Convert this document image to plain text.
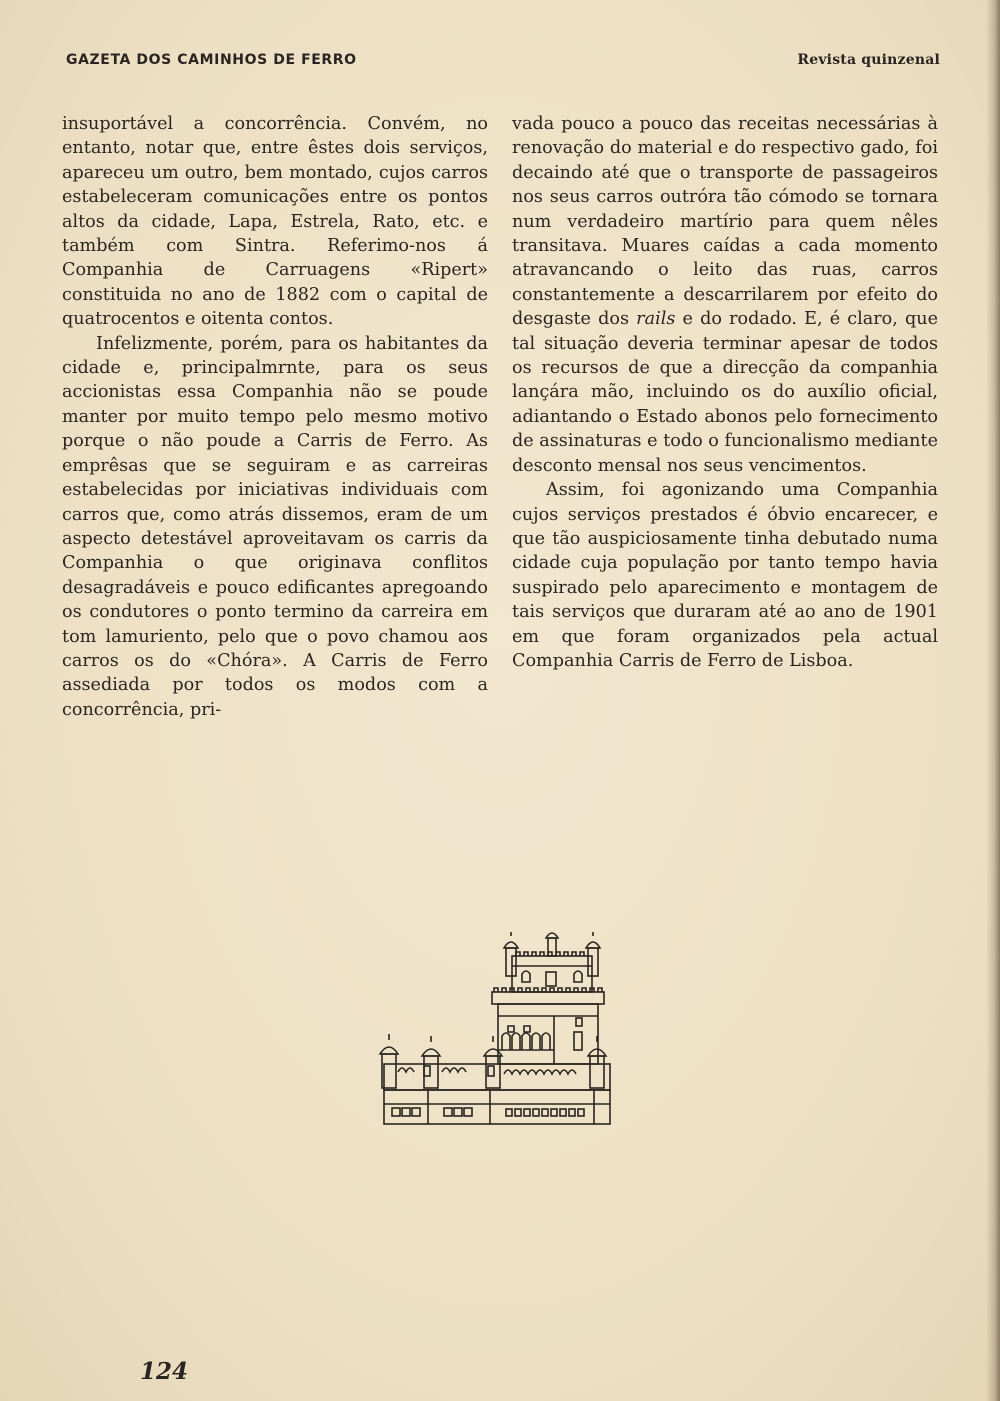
GAZETA DOS CAMINHOS DE FERRO	Revista quinzenal

insuportável a concorrência. Convém, no entanto, notar que, entre êstes dois serviços, apareceu um outro, bem montado, cujos carros estabeleceram comunicações entre os pontos altos da cidade, Lapa, Estrela, Rato, etc. e também com Sintra. Referimo-nos á Companhia de Carruagens «Ripert» constituida no ano de 1882 com o capital de quatrocentos e oitenta contos.

Infelizmente, porém, para os habitantes da cidade e, principalmrnte, para os seus accionistas essa Companhia não se poude manter por muito tempo pelo mesmo motivo porque o não poude a Carris de Ferro. As emprêsas que se seguiram e as carreiras estabelecidas por iniciativas individuais com carros que, como atrás dissemos, eram de um aspecto detestável aproveitavam os carris da Companhia o que originava conflitos desagradáveis e pouco edificantes apregoando os condutores o ponto termino da carreira em tom lamuriento, pelo que o povo chamou aos carros os do «Chóra». A Carris de Ferro assediada por todos os modos com a concorrência, pri-

vada pouco a pouco das receitas necessárias à renovação do material e do respectivo gado, foi decaindo até que o transporte de passageiros nos seus carros outróra tão cómodo se tornara num verdadeiro martírio para quem nêles transitava. Muares caídas a cada momento atravancando o leito das ruas, carros constantemente a descarrilarem por efeito do desgaste dos rails e do rodado. E, é claro, que tal situação deveria terminar apesar de todos os recursos de que a direcção da companhia lançára mão, incluindo os do auxílio oficial, adiantando o Estado abonos pelo fornecimento de assinaturas e todo o funcionalismo mediante desconto mensal nos seus vencimentos.

Assim, foi agonizando uma Companhia cujos serviços prestados é óbvio encarecer, e que tão auspiciosamente tinha debutado numa cidade cuja população por tanto tempo havia suspirado pelo aparecimento e montagem de tais serviços que duraram até ao ano de 1901 em que foram organizados pela actual Companhia Carris de Ferro de Lisboa.

124
